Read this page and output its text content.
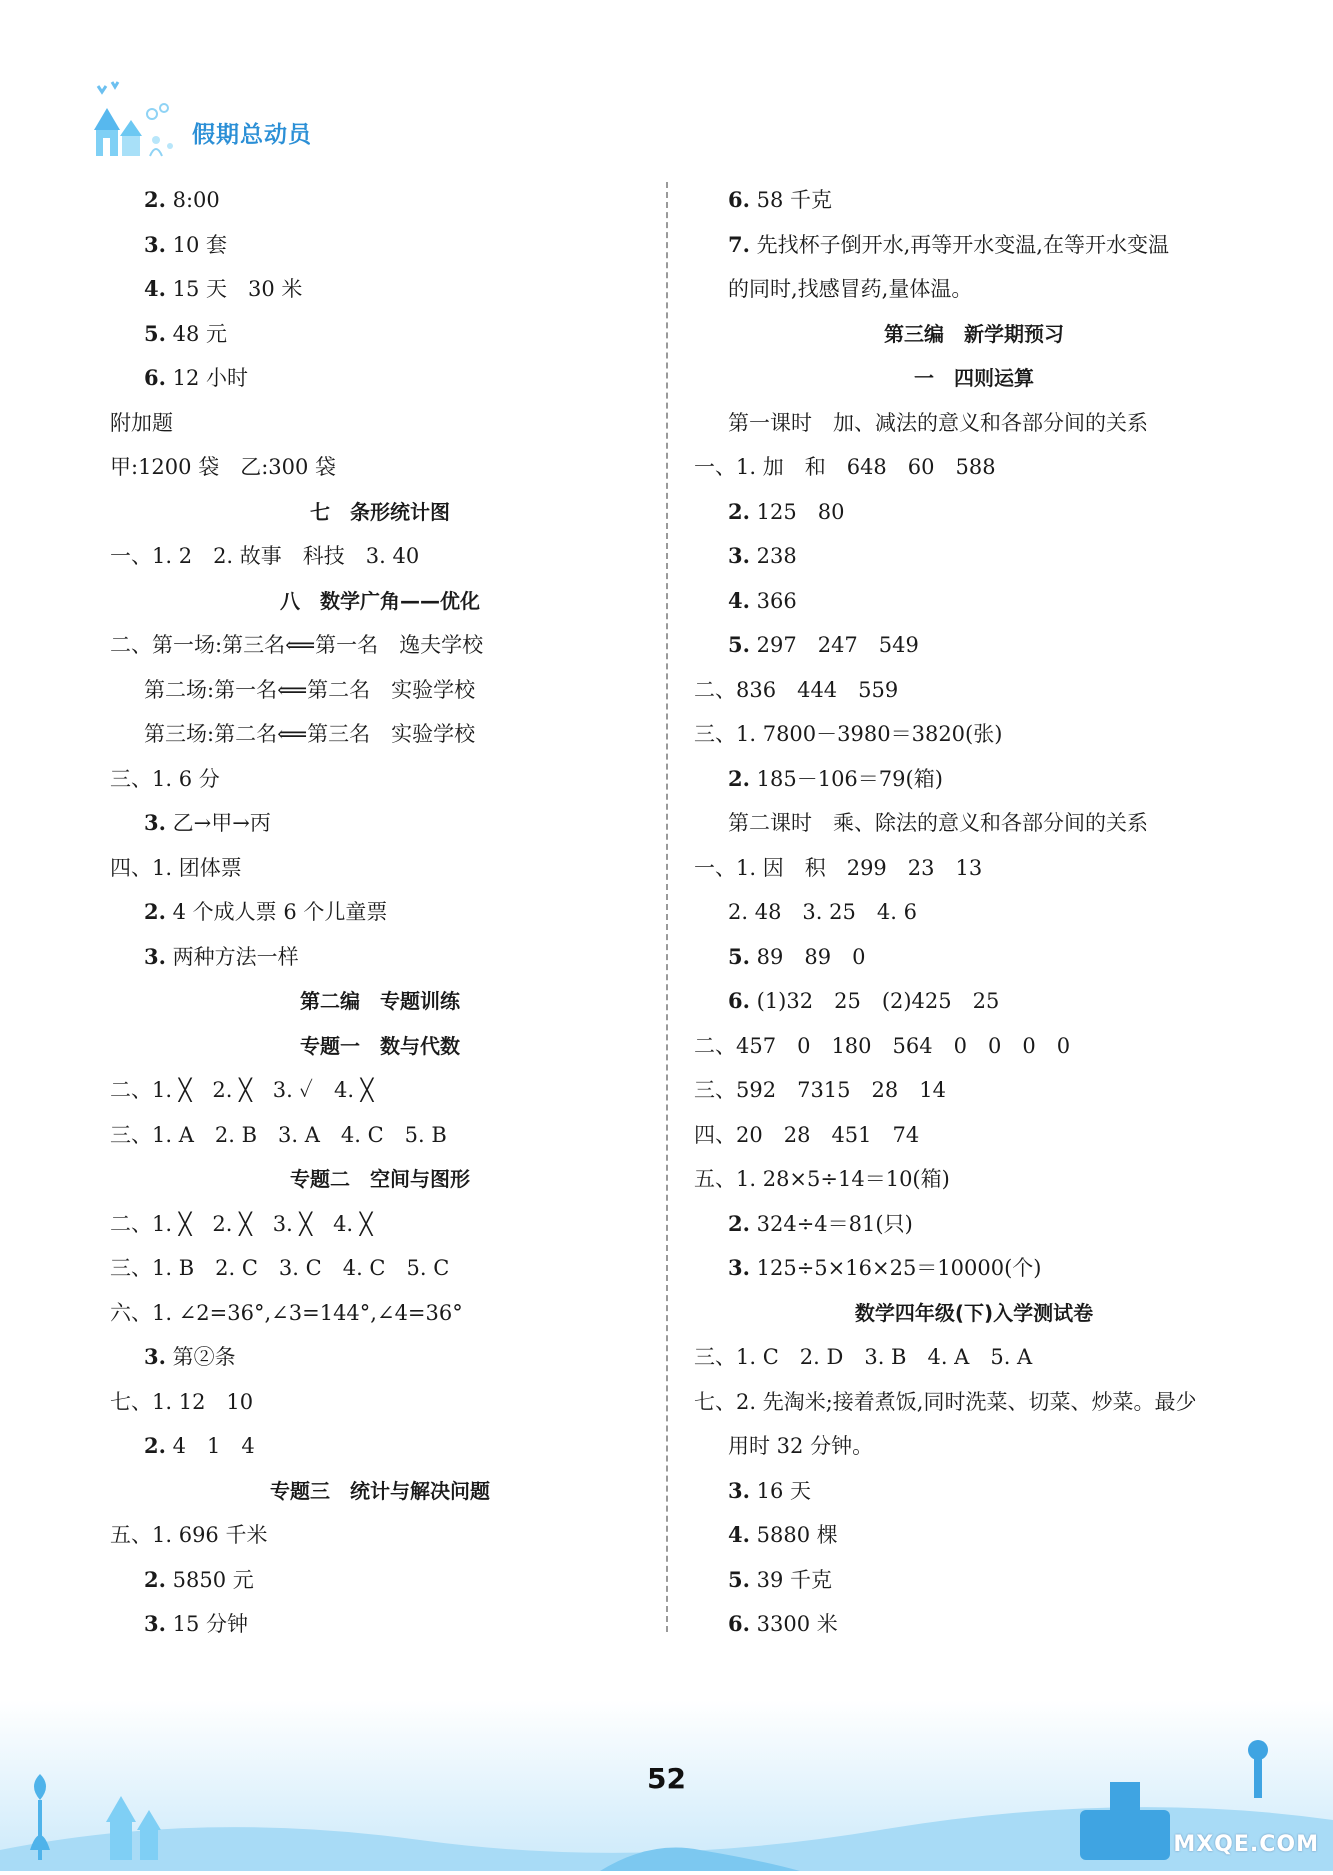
假期总动员
2. 8:00
3. 10 套
4. 15 天　30 米
5. 48 元
6. 12 小时
附加题
甲:1200 袋　乙:300 袋
七　条形统计图
一、1. 2　2. 故事　科技　3. 40
八　数学广角——优化
二、第一场:第三名⟸第一名　逸夫学校
第二场:第一名⟸第二名　实验学校
第三场:第二名⟸第三名　实验学校
三、1. 6 分
3. 乙→甲→丙
四、1. 团体票
2. 4 个成人票 6 个儿童票
3. 两种方法一样
第二编　专题训练
专题一　数与代数
二、1. ╳　2. ╳　3. ✓　4. ╳
三、1. A　2. B　3. A　4. C　5. B
专题二　空间与图形
二、1. ╳　2. ╳　3. ╳　4. ╳
三、1. B　2. C　3. C　4. C　5. C
六、1. ∠2=36°,∠3=144°,∠4=36°
3. 第②条
七、1. 12　10
2. 4　1　4
专题三　统计与解决问题
五、1. 696 千米
2. 5850 元
3. 15 分钟
6. 58 千克
7. 先找杯子倒开水,再等开水变温,在等开水变温
的同时,找感冒药,量体温。
第三编　新学期预习
一　四则运算
第一课时　加、减法的意义和各部分间的关系
一、1. 加　和　648　60　588
2. 125　80
3. 238
4. 366
5. 297　247　549
二、836　444　559
三、1. 7800－3980＝3820(张)
2. 185－106＝79(箱)
第二课时　乘、除法的意义和各部分间的关系
一、1. 因　积　299　23　13
2. 48　3. 25　4. 6
5. 89　89　0
6. (1)32　25　(2)425　25
二、457　0　180　564　0　0　0　0
三、592　7315　28　14
四、20　28　451　74
五、1. 28×5÷14＝10(箱)
2. 324÷4＝81(只)
3. 125÷5×16×25＝10000(个)
数学四年级(下)入学测试卷
三、1. C　2. D　3. B　4. A　5. A
七、2. 先淘米;接着煮饭,同时洗菜、切菜、炒菜。最少
用时 32 分钟。
3. 16 天
4. 5880 棵
5. 39 千克
6. 3300 米
MXQE.COM
52
